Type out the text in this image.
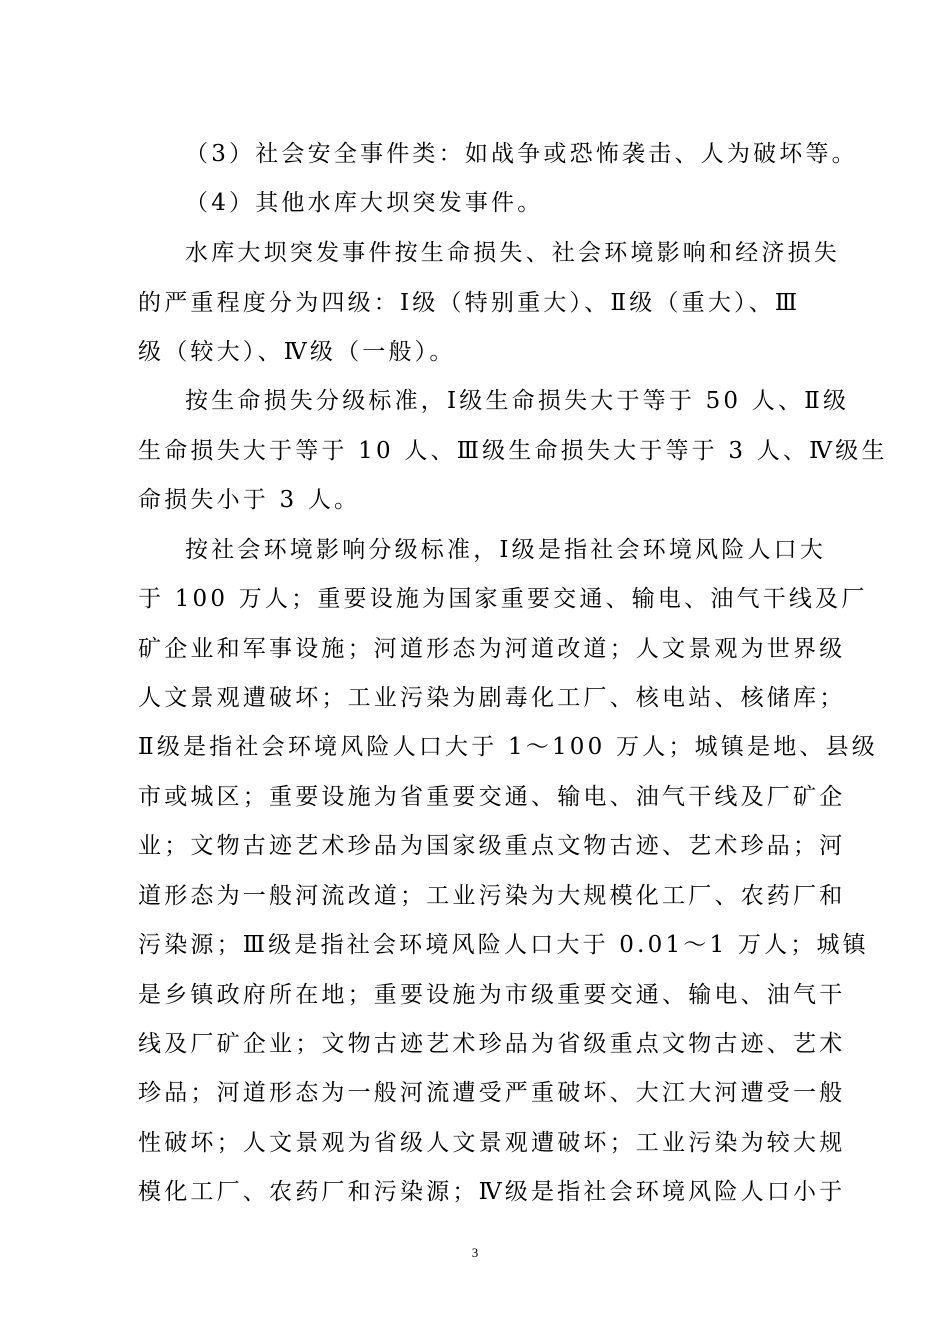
（3）社会安全事件类：如战争或恐怖袭击、人为破坏等。
（4）其他水库大坝突发事件。
水库大坝突发事件按生命损失、社会环境影响和经济损失
的严重程度分为四级：Ⅰ级（特别重大）、Ⅱ级（重大）、Ⅲ
级（较大）、Ⅳ级（一般）。
按生命损失分级标准，Ⅰ级生命损失大于等于 50 人、Ⅱ级
生命损失大于等于 10 人、Ⅲ级生命损失大于等于 3 人、Ⅳ级生
命损失小于 3 人。
按社会环境影响分级标准，Ⅰ级是指社会环境风险人口大
于 100 万人；重要设施为国家重要交通、输电、油气干线及厂
矿企业和军事设施；河道形态为河道改道；人文景观为世界级
人文景观遭破坏；工业污染为剧毒化工厂、核电站、核储库；
Ⅱ级是指社会环境风险人口大于 1～100 万人；城镇是地、县级
市或城区；重要设施为省重要交通、输电、油气干线及厂矿企
业；文物古迹艺术珍品为国家级重点文物古迹、艺术珍品；河
道形态为一般河流改道；工业污染为大规模化工厂、农药厂和
污染源；Ⅲ级是指社会环境风险人口大于 0.01～1 万人；城镇
是乡镇政府所在地；重要设施为市级重要交通、输电、油气干
线及厂矿企业；文物古迹艺术珍品为省级重点文物古迹、艺术
珍品；河道形态为一般河流遭受严重破坏、大江大河遭受一般
性破坏；人文景观为省级人文景观遭破坏；工业污染为较大规
模化工厂、农药厂和污染源；Ⅳ级是指社会环境风险人口小于
3
